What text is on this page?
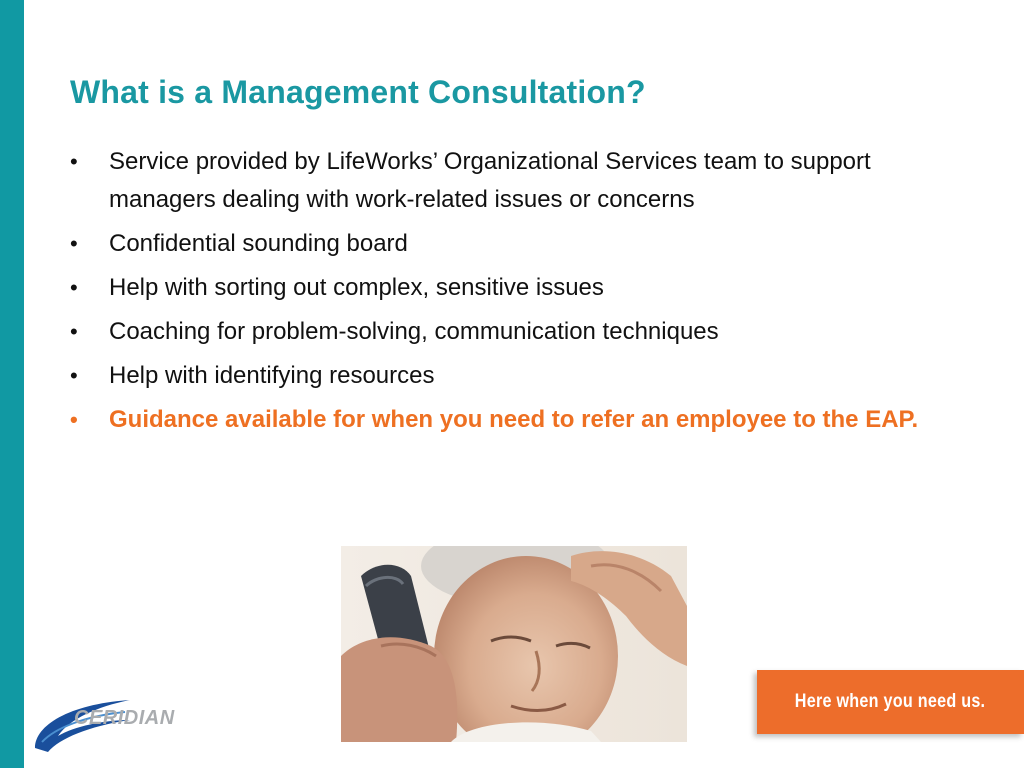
What is a Management Consultation?
• Service provided by LifeWorks’ Organizational Services team to support managers dealing with work-related issues or concerns
• Confidential sounding board
• Help with sorting out complex, sensitive issues
• Coaching for problem-solving, communication techniques
• Help with identifying resources
• Guidance available for when you need to refer an employee to the EAP.
Here when you need us.
CERIDIAN
